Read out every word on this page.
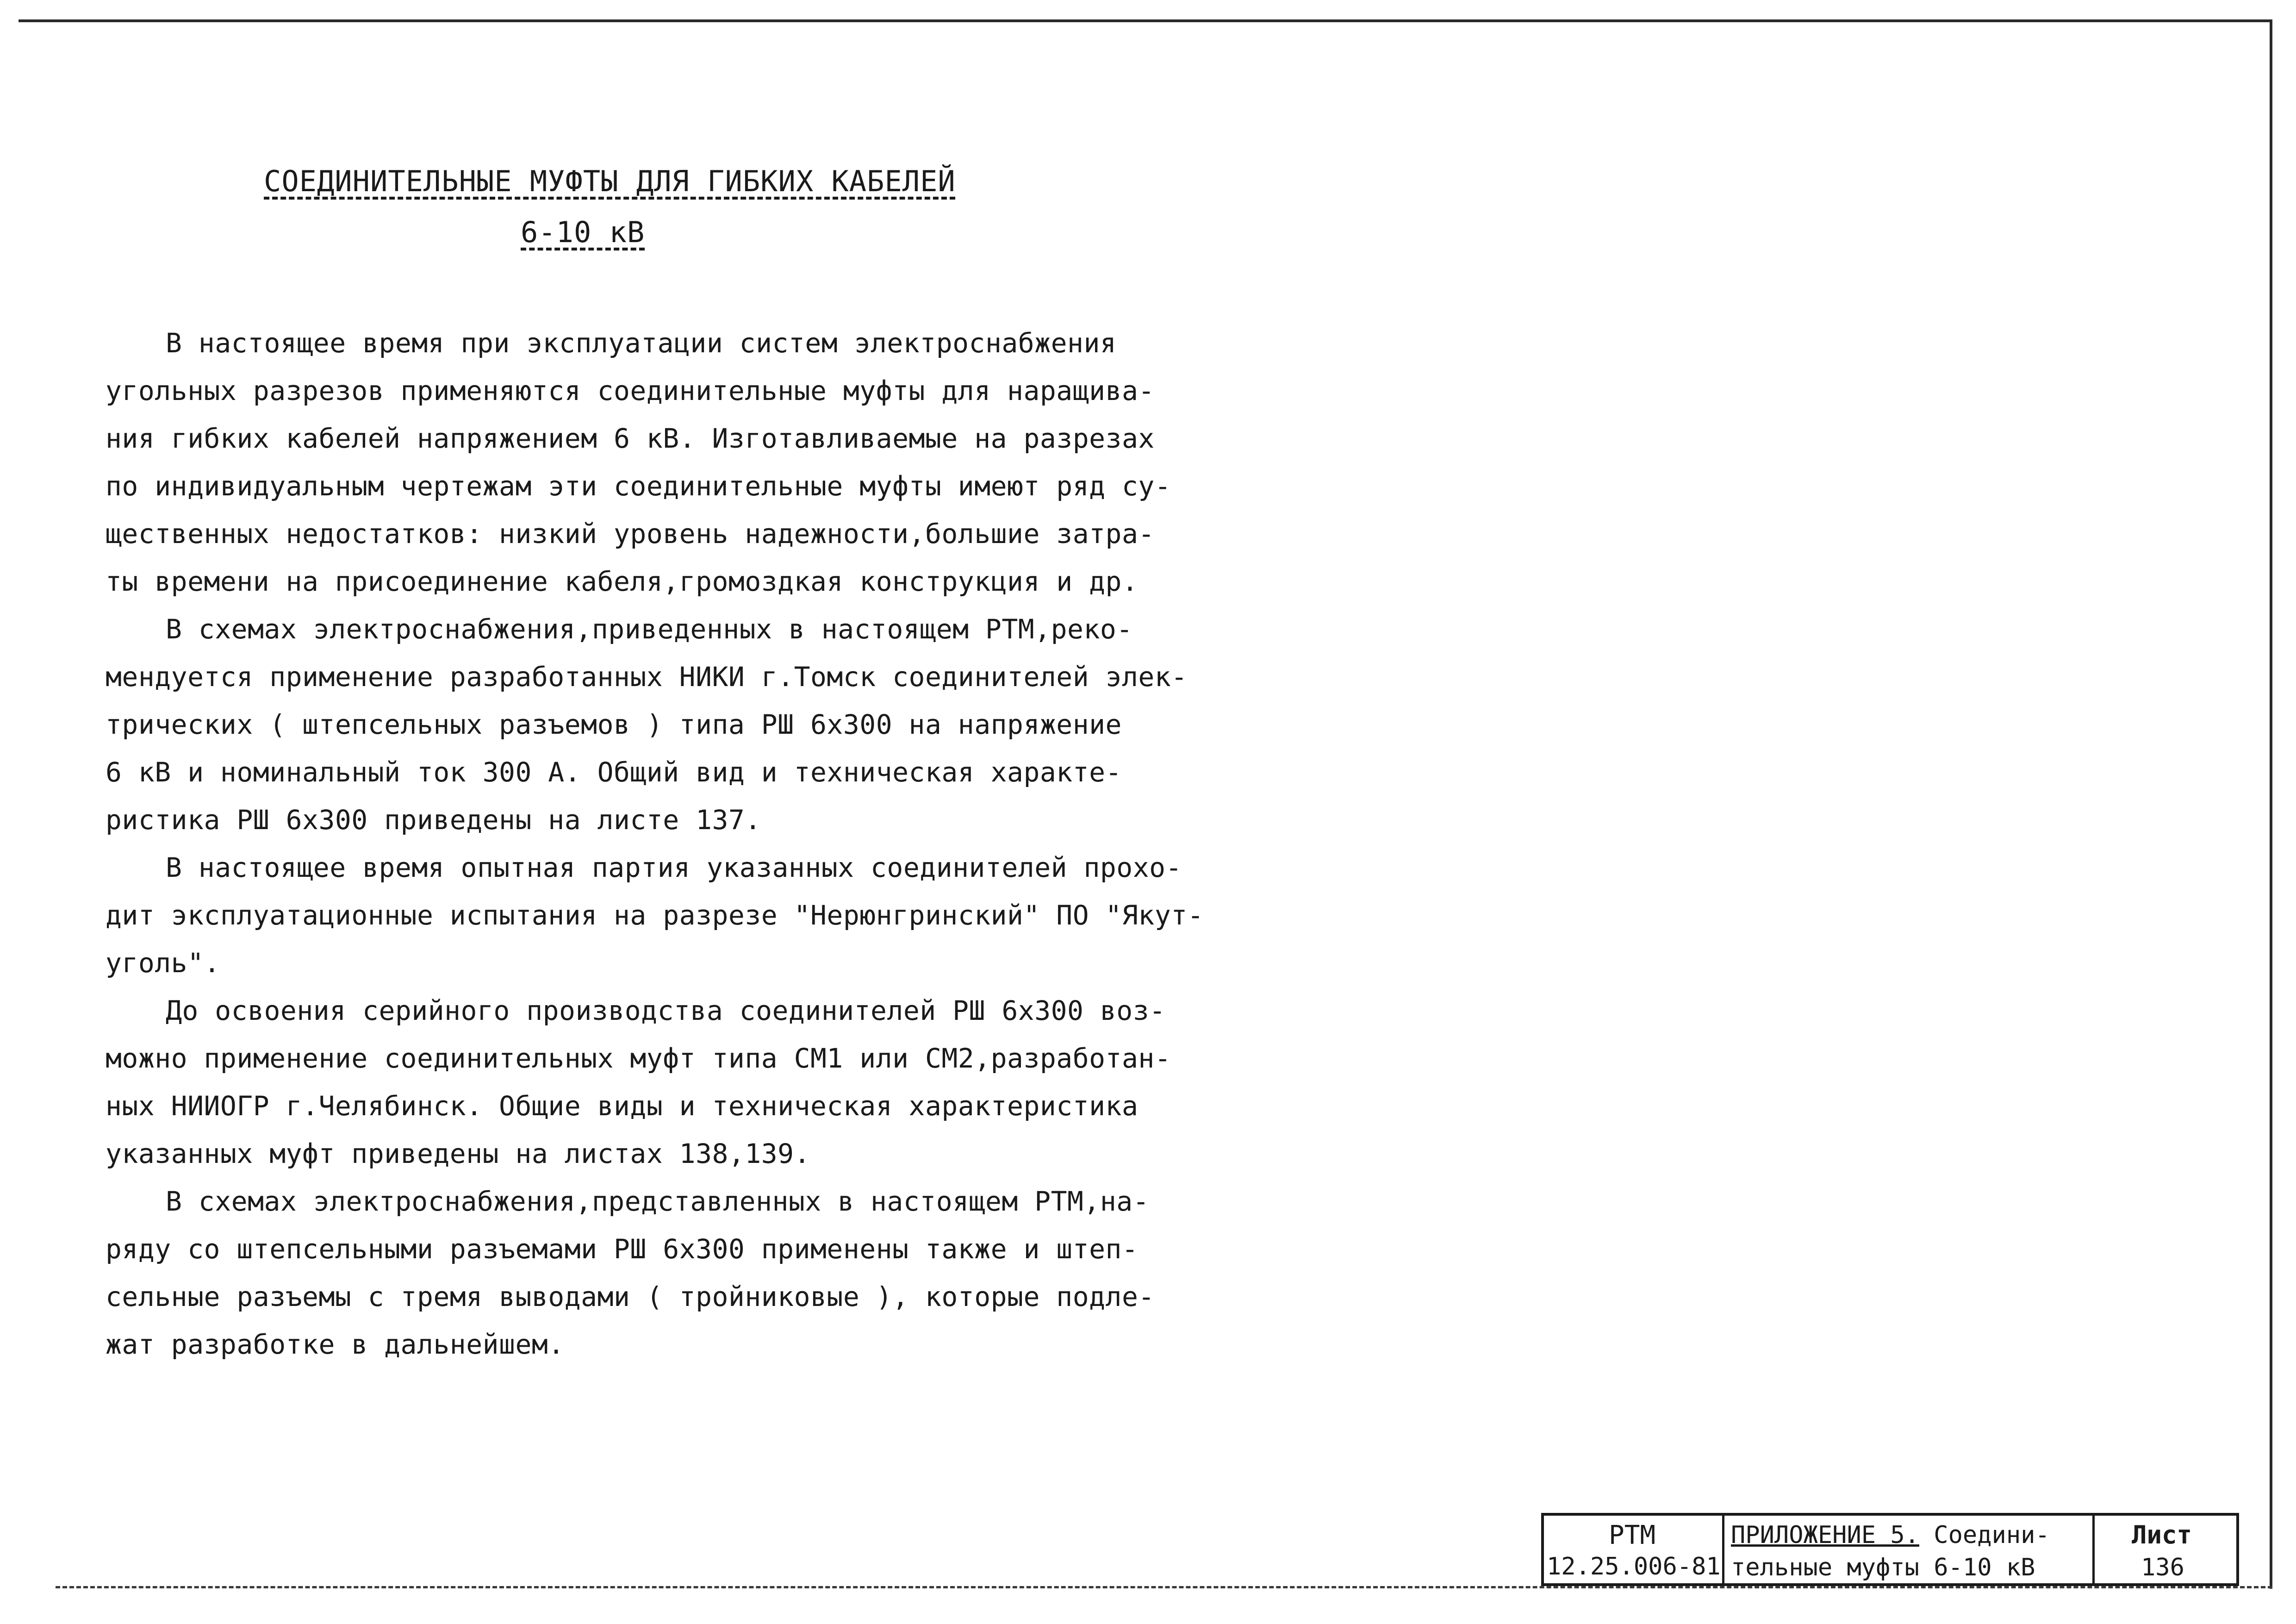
СОЕДИНИТЕЛЬНЫЕ МУФТЫ ДЛЯ ГИБКИХ КАБЕЛЕЙ
6-10 кВ
В настоящее время при эксплуатации систем электроснабжения
угольных разрезов применяются соединительные муфты для наращива-
ния гибких кабелей напряжением 6 кВ. Изготавливаемые на разрезах
по индивидуальным чертежам эти соединительные муфты имеют ряд су-
щественных недостатков: низкий уровень надежности,большие затра-
ты времени на присоединение кабеля,громоздкая конструкция и др.
В схемах электроснабжения,приведенных в настоящем РТМ,реко-
мендуется применение разработанных НИКИ г.Томск соединителей элек-
трических ( штепсельных разъемов ) типа РШ 6х300 на напряжение
6 кВ и номинальный ток 300 А. Общий вид и техническая характе-
ристика РШ 6х300 приведены на листе 137.
В настоящее время опытная партия указанных соединителей прохо-
дит эксплуатационные испытания на разрезе "Нерюнгринский" ПО "Якут-
уголь".
До освоения серийного производства соединителей РШ 6х300 воз-
можно применение соединительных муфт типа СМ1 или СМ2,разработан-
ных НИИОГР г.Челябинск. Общие виды и техническая характеристика
указанных муфт приведены на листах 138,139.
В схемах электроснабжения,представленных в настоящем РТМ,на-
ряду со штепсельными разъемами РШ 6х300 применены также и штеп-
сельные разъемы с тремя выводами ( тройниковые ), которые подле-
жат разработке в дальнейшем.
РТМ
12.25.006-81
ПРИЛОЖЕНИЕ 5. Соедини-
тельные муфты 6-10 кВ
Лист
136
